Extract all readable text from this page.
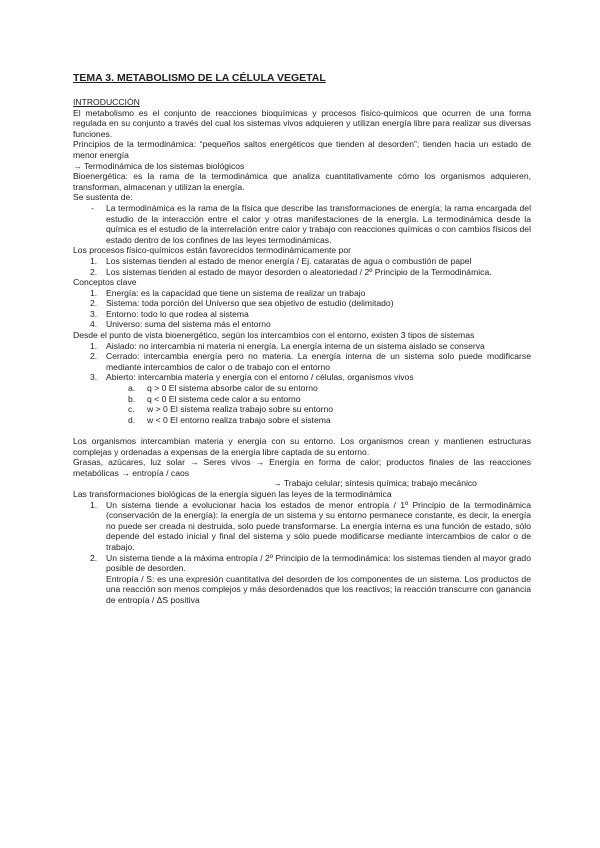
TEMA 3. METABOLISMO DE LA CÉLULA VEGETAL
INTRODUCCIÓN

El metabolismo es el conjunto de reacciones bioquímicas y procesos físico-químicos que ocurren de una forma regulada en su conjunto a través del cual los sistemas vivos adquieren y utilizan energía libre para realizar sus diversas funciones.

Principios de la termodinámica: “pequeños saltos energéticos que tienden al desorden”; tienden hacia un estado de menor energía

→ Termodinámica de los sistemas biológicos

Bioenergética: es la rama de la termodinámica que analiza cuantitativamente cómo los organismos adquieren, transforman, almacenan y utilizan la energía.

Se sustenta de:

- La termodinámica es la rama de la física que describe las transformaciones de energía; la rama encargada del estudio de la interacción entre el calor y otras manifestaciones de la energía. La termodinámica desde la química es el estudio de la interrelación entre calor y trabajo con reacciones químicas o con cambios físicos del estado dentro de los confines de las leyes termodinámicas.

Los procesos físico-químicos están favorecidos termodinámicamente por

1. Los sistemas tienden al estado de menor energía / Ej. cataratas de agua o combustión de papel
2. Los sistemas tienden al estado de mayor desorden o aleatoriedad / 2º Principio de la Termodinámica.

Conceptos clave

1. Energía: es la capacidad que tiene un sistema de realizar un trabajo
2. Sistema: toda porción del Universo que sea objetivo de estudio (delimitado)
3. Entorno: todo lo que rodea al sistema
4. Universo: suma del sistema más el entorno

Desde el punto de vista bioenergético, según los intercambios con el entorno, existen 3 tipos de sistemas

1. Aislado: no intercambia ni materia ni energía. La energía interna de un sistema aislado se conserva
2. Cerrado: intercambia energía pero no materia. La energía interna de un sistema solo puede modificarse mediante intercambios de calor o de trabajo con el entorno
3. Abierto: intercambia materia y energía con el entorno / células, organismos vivos
a. q > 0 El sistema absorbe calor de su entorno
b. q < 0 El sistema cede calor a su entorno
c. w > 0 El sistema realiza trabajo sobre su entorno
d. w < 0 El entorno realiza trabajo sobre el sistema

Los organismos intercambian materia y energía con su entorno. Los organismos crean y mantienen estructuras complejas y ordenadas a expensas de la energía libre captada de su entorno.

Grasas, azúcares, luz solar → Seres vivos → Energía en forma de calor; productos finales de las reacciones metabólicas → entropía / caos

→ Trabajo celular; síntesis química; trabajo mecánico

Las transformaciones biológicas de la energía siguen las leyes de la termodinámica

1. Un sistema tiende a evolucionar hacia los estados de menor entropía / 1º Principio de la termodinámica (conservación de la energía): la energía de un sistema y su entorno permanece constante, es decir, la energía no puede ser creada ni destruida, solo puede transformarse. La energía interna es una función de estado, sólo depende del estado inicial y final del sistema y sólo puede modificarse mediante intercambios de calor o de trabajo.
2. Un sistema tiende a la máxima entropía / 2º Principio de la termodinámica: los sistemas tienden al mayor grado posible de desorden.
Entropía / S: es una expresión cuantitativa del desorden de los componentes de un sistema. Los productos de una reacción son menos complejos y más desordenados que los reactivos; la reacción transcurre con ganancia de entropía / ΔS positiva
